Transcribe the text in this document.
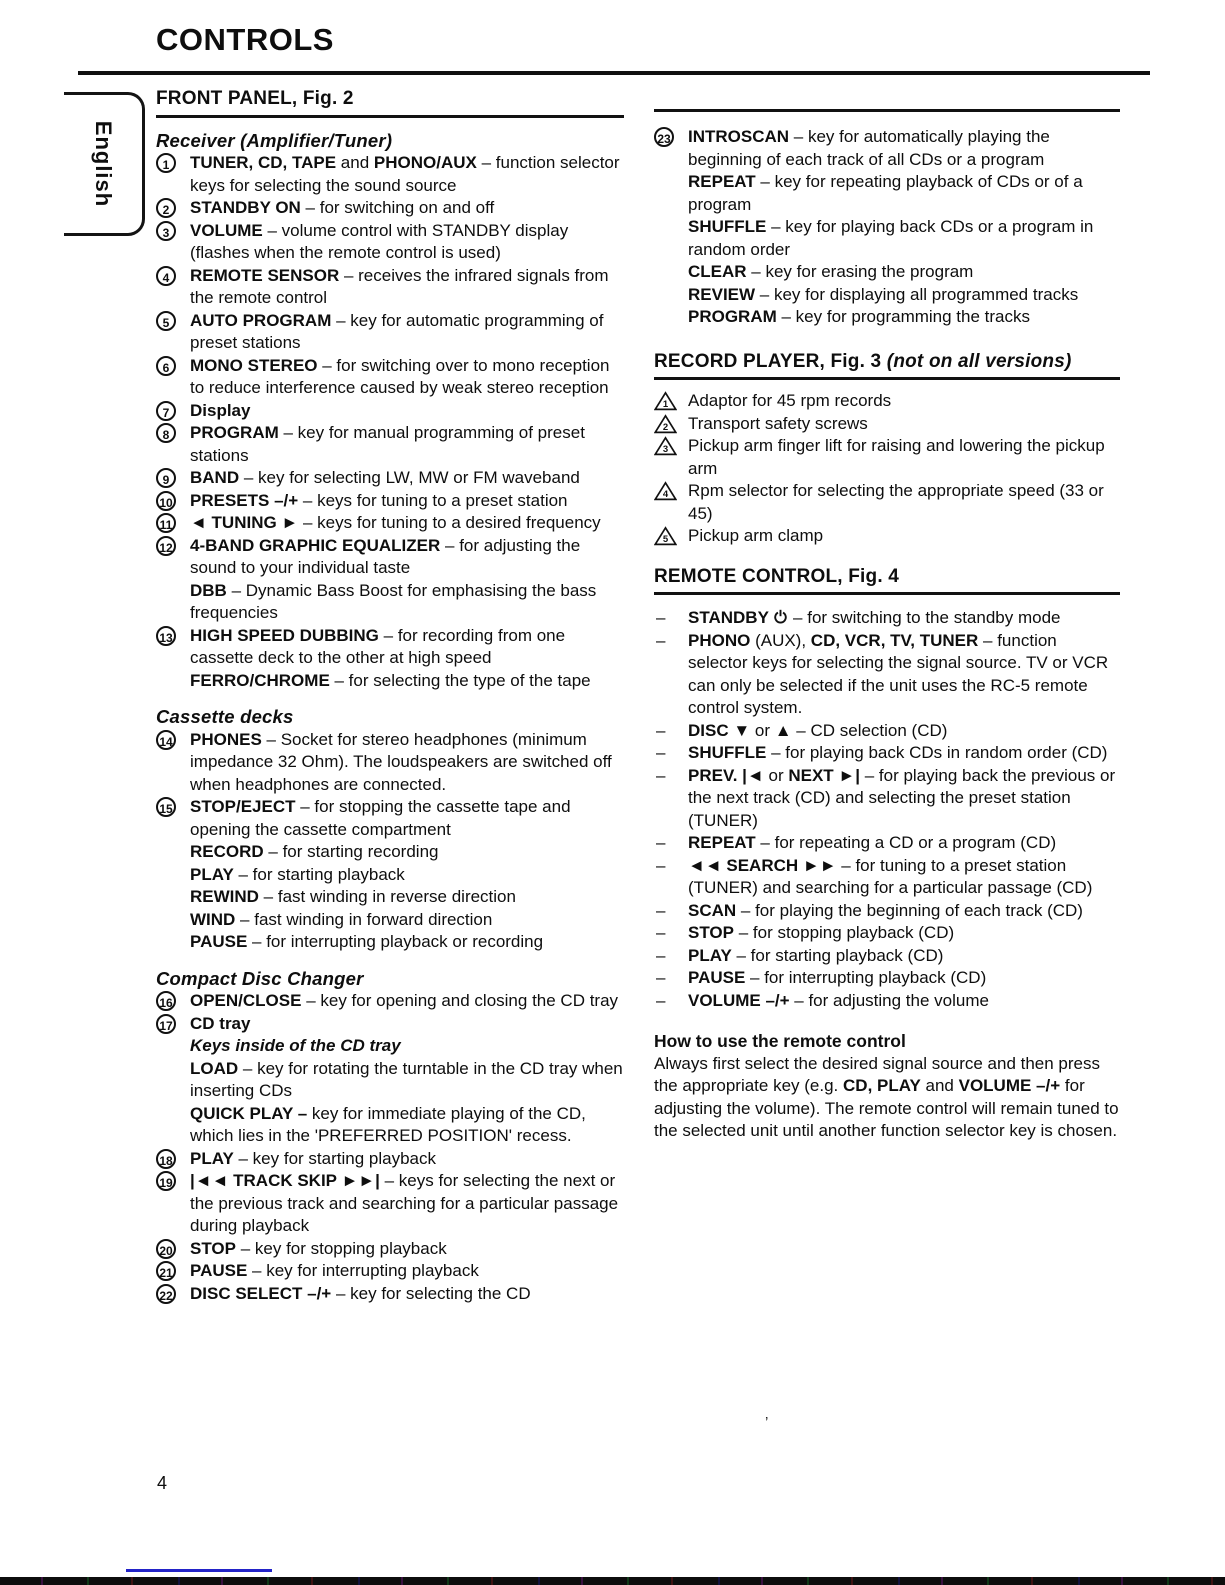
CONTROLS
English
FRONT PANEL, Fig. 2
Receiver (Amplifier/Tuner)
1	TUNER, CD, TAPE and PHONO/AUX – function selector keys for selecting the sound source
2	STANDBY ON – for switching on and off
3	VOLUME – volume control with STANDBY display (flashes when the remote control is used)
4	REMOTE SENSOR – receives the infrared signals from the remote control
5	AUTO PROGRAM – key for automatic programming of preset stations
6	MONO STEREO – for switching over to mono reception to reduce interference caused by weak stereo reception
7	Display
8	PROGRAM – key for manual programming of preset stations
9	BAND – key for selecting LW, MW or FM waveband
10 PRESETS –/+ – keys for tuning to a preset station
11 ◄ TUNING ► – keys for tuning to a desired frequency
12 4-BAND GRAPHIC EQUALIZER – for adjusting the sound to your individual taste
DBB – Dynamic Bass Boost for emphasising the bass frequencies
13 HIGH SPEED DUBBING – for recording from one cassette deck to the other at high speed
FERRO/CHROME – for selecting the type of the tape
Cassette decks
14 PHONES – Socket for stereo headphones (minimum impedance 32 Ohm). The loudspeakers are switched off when headphones are connected.
15 STOP/EJECT – for stopping the cassette tape and opening the cassette compartment
RECORD – for starting recording
PLAY – for starting playback
REWIND – fast winding in reverse direction
WIND – fast winding in forward direction
PAUSE – for interrupting playback or recording
Compact Disc Changer
16 OPEN/CLOSE – key for opening and closing the CD tray
17 CD tray
Keys inside of the CD tray
LOAD – key for rotating the turntable in the CD tray when inserting CDs
QUICK PLAY – key for immediate playing of the CD, which lies in the 'PREFERRED POSITION' recess.
18 PLAY – key for starting playback
19 |◄◄ TRACK SKIP ►►| – keys for selecting the next or the previous track and searching for a particular passage during playback
20 STOP – key for stopping playback
21 PAUSE – key for interrupting playback
22 DISC SELECT –/+ – key for selecting the CD
23 INTROSCAN – key for automatically playing the beginning of each track of all CDs or a program
REPEAT – key for repeating playback of CDs or of a program
SHUFFLE – key for playing back CDs or a program in random order
CLEAR – key for erasing the program
REVIEW – key for displaying all programmed tracks
PROGRAM – key for programming the tracks
RECORD PLAYER, Fig. 3 (not on all versions)
1 Adaptor for 45 rpm records
2 Transport safety screws
3 Pickup arm finger lift for raising and lowering the pickup arm
4 Rpm selector for selecting the appropriate speed (33 or 45)
5 Pickup arm clamp
REMOTE CONTROL, Fig. 4
– STANDBY  – for switching to the standby mode
– PHONO (AUX), CD, VCR, TV, TUNER – function selector keys for selecting the signal source. TV or VCR can only be selected if the unit uses the RC-5 remote control system.
– DISC ▼ or ▲ – CD selection (CD)
– SHUFFLE – for playing back CDs in random order (CD)
– PREV. |◄ or NEXT ►| – for playing back the previous or the next track (CD) and selecting the preset station (TUNER)
– REPEAT – for repeating a CD or a program (CD)
– ◄◄ SEARCH ►► – for tuning to a preset station (TUNER) and searching for a particular passage (CD)
– SCAN – for playing the beginning of each track (CD)
– STOP – for stopping playback (CD)
– PLAY – for starting playback (CD)
– PAUSE – for interrupting playback (CD)
– VOLUME –/+ – for adjusting the volume
How to use the remote control
Always first select the desired signal source and then press the appropriate key (e.g. CD, PLAY and VOLUME –/+ for adjusting the volume). The remote control will remain tuned to the selected unit until another function selector key is chosen.
4
’
